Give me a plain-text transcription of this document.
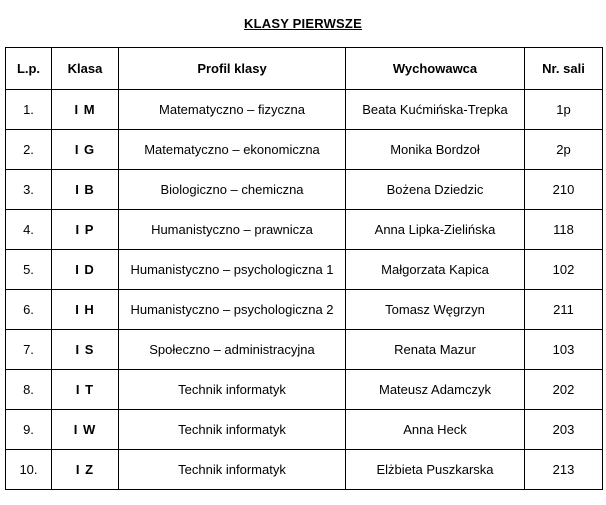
KLASY PIERWSZE
L.p.	Klasa	Profil klasy	Wychowawca	Nr. sali
1.	I M	Matematyczno – fizyczna	Beata Kućmińska-Trepka	1p
2.	I G	Matematyczno – ekonomiczna	Monika Bordzoł	2p
3.	I B	Biologiczno – chemiczna	Bożena Dziedzic	210
4.	I P	Humanistyczno – prawnicza	Anna Lipka-Zielińska	118
5.	I D	Humanistyczno – psychologiczna 1	Małgorzata Kapica	102
6.	I H	Humanistyczno – psychologiczna 2	Tomasz Węgrzyn	211
7.	I S	Społeczno – administracyjna	Renata Mazur	103
8.	I T	Technik informatyk	Mateusz Adamczyk	202
9.	I W	Technik informatyk	Anna Heck	203
10.	I Z	Technik informatyk	Elżbieta Puszkarska	213
